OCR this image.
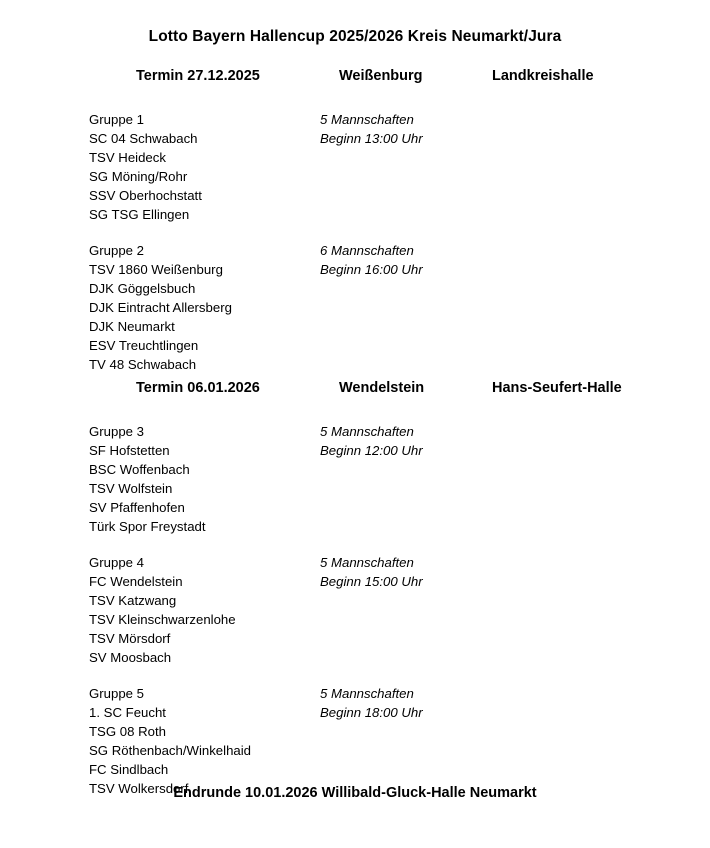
Lotto Bayern Hallencup 2025/2026 Kreis Neumarkt/Jura
Termin 27.12.2025	Weißenburg	Landkreishalle
Gruppe 1	5 Mannschaften
SC 04 Schwabach	Beginn 13:00 Uhr
TSV Heideck
SG Möning/Rohr
SSV Oberhochstatt
SG TSG Ellingen
Gruppe 2	6 Mannschaften
TSV 1860 Weißenburg	Beginn 16:00 Uhr
DJK Göggelsbuch
DJK Eintracht Allersberg
DJK Neumarkt
ESV Treuchtlingen
TV 48 Schwabach
Termin 06.01.2026	Wendelstein	Hans-Seufert-Halle
Gruppe 3	5 Mannschaften
SF Hofstetten	Beginn 12:00 Uhr
BSC Woffenbach
TSV Wolfstein
SV Pfaffenhofen
Türk Spor Freystadt
Gruppe 4	5 Mannschaften
FC Wendelstein	Beginn 15:00 Uhr
TSV Katzwang
TSV Kleinschwarzenlohe
TSV Mörsdorf
SV Moosbach
Gruppe 5	5 Mannschaften
1. SC Feucht	Beginn 18:00 Uhr
TSG 08 Roth
SG Röthenbach/Winkelhaid
FC Sindlbach
TSV Wolkersdorf
Endrunde 10.01.2026 Willibald-Gluck-Halle Neumarkt
